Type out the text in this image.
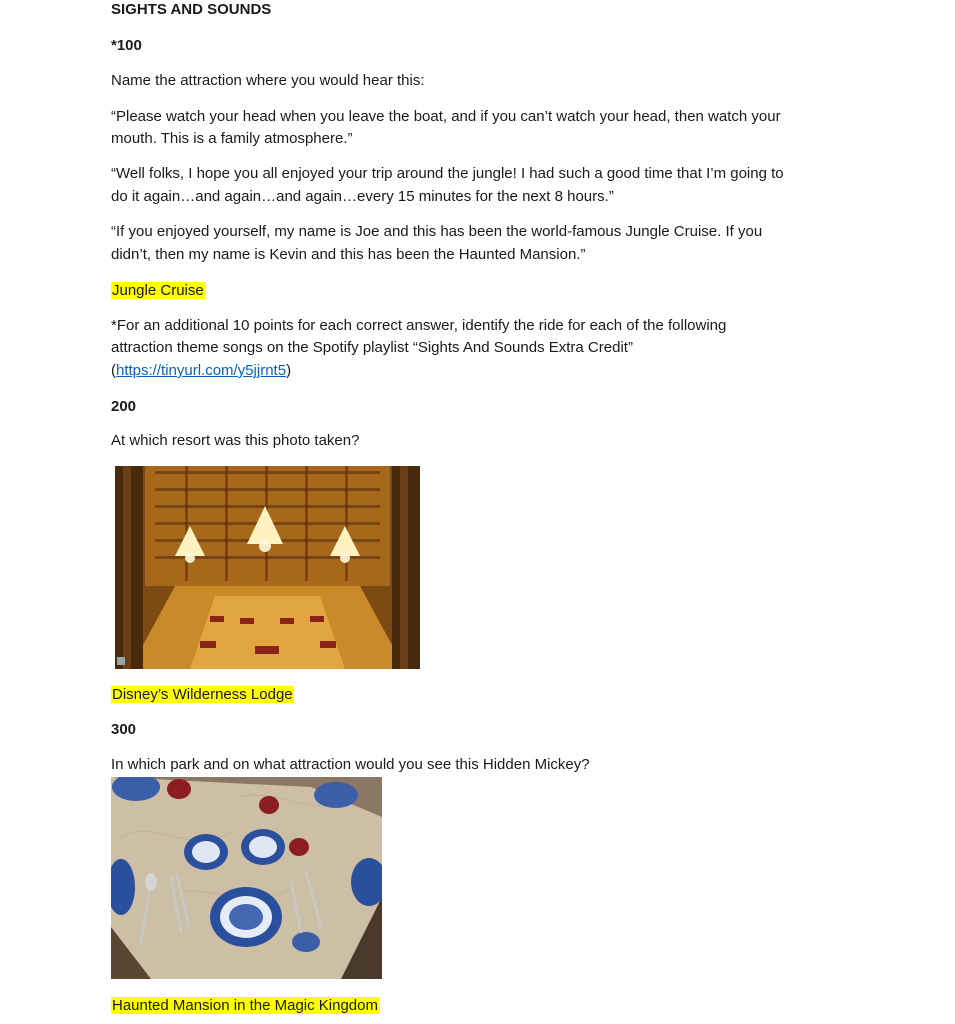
SIGHTS AND SOUNDS
*100
Name the attraction where you would hear this:
“Please watch your head when you leave the boat, and if you can’t watch your head, then watch your
mouth. This is a family atmosphere.”
“Well folks, I hope you all enjoyed your trip around the jungle! I had such a good time that I’m going to
do it again…and again…and again…every 15 minutes for the next 8 hours.”
“If you enjoyed yourself, my name is Joe and this has been the world-famous Jungle Cruise. If you
didn’t, then my name is Kevin and this has been the Haunted Mansion.”
Jungle Cruise
*For an additional 10 points for each correct answer, identify the ride for each of the following
attraction theme songs on the Spotify playlist “Sights And Sounds Extra Credit”
(https://tinyurl.com/y5jjrnt5)
200
At which resort was this photo taken?
Disney’s Wilderness Lodge
300
In which park and on what attraction would you see this Hidden Mickey?
Haunted Mansion in the Magic Kingdom
